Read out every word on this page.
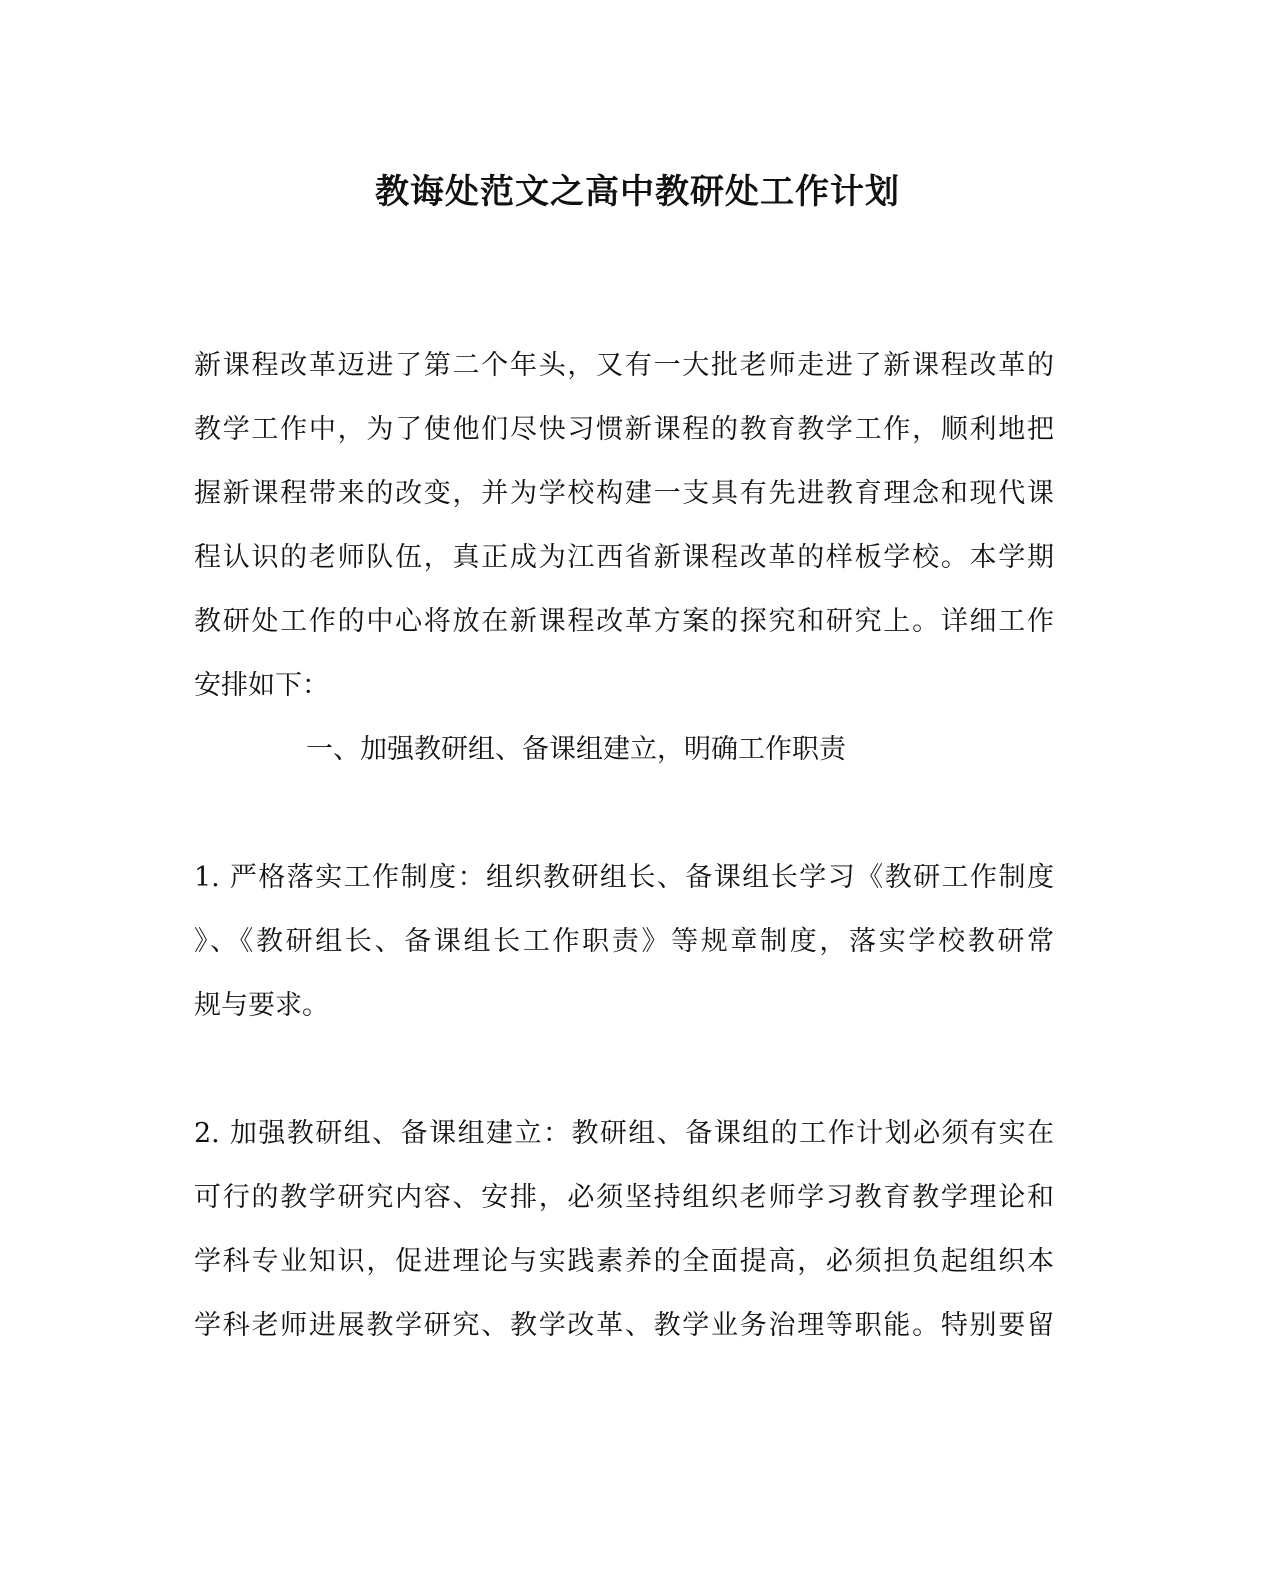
教诲处范文之高中教研处工作计划
新课程改革迈进了第二个年头，又有一大批老师走进了新课程改革的
教学工作中，为了使他们尽快习惯新课程的教育教学工作，顺利地把
握新课程带来的改变，并为学校构建一支具有先进教育理念和现代课
程认识的老师队伍，真正成为江西省新课程改革的样板学校。本学期
教研处工作的中心将放在新课程改革方案的探究和研究上。详细工作
安排如下：
一、加强教研组、备课组建立，明确工作职责
1. 严格落实工作制度：组织教研组长、备课组长学习《教研工作制度
》、《教研组长、备课组长工作职责》等规章制度，落实学校教研常
规与要求。
2. 加强教研组、备课组建立：教研组、备课组的工作计划必须有实在
可行的教学研究内容、安排，必须坚持组织老师学习教育教学理论和
学科专业知识，促进理论与实践素养的全面提高，必须担负起组织本
学科老师进展教学研究、教学改革、教学业务治理等职能。特别要留
